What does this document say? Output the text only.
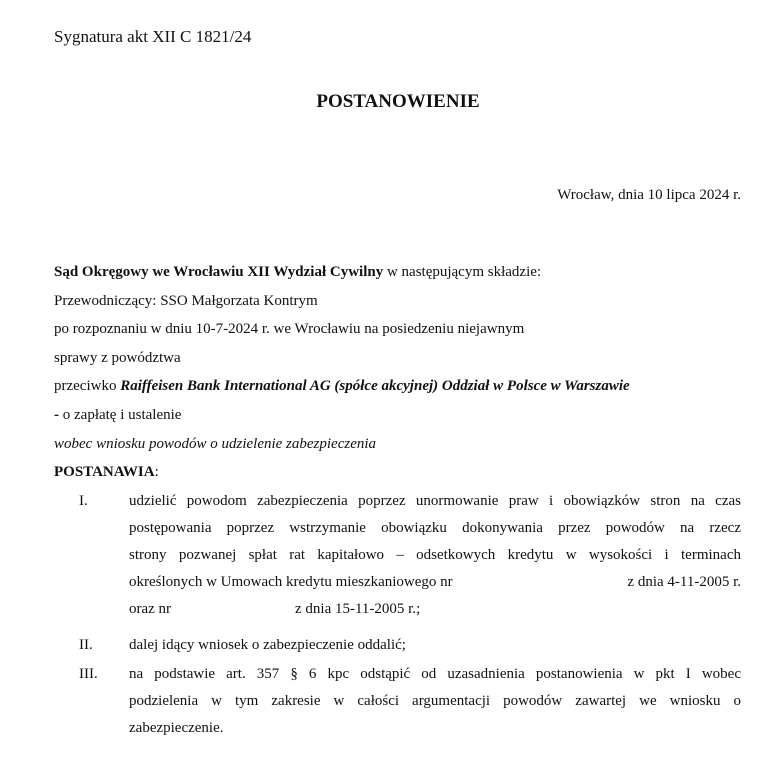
Sygnatura akt XII C 1821/24
POSTANOWIENIE
Wrocław, dnia 10 lipca 2024 r.
Sąd Okręgowy we Wrocławiu XII Wydział Cywilny w następującym składzie:
Przewodniczący: SSO Małgorzata Kontrym
po rozpoznaniu w dniu 10-7-2024 r. we Wrocławiu na posiedzeniu niejawnym
sprawy z powództwa
przeciwko Raiffeisen Bank International AG (spółce akcyjnej) Oddział w Polsce w Warszawie
- o zapłatę i ustalenie
wobec wniosku powodów o udzielenie zabezpieczenia
POSTANAWIA:
I.	udzielić powodom zabezpieczenia poprzez unormowanie praw i obowiązków stron na czas
postępowania poprzez wstrzymanie obowiązku dokonywania przez powodów na rzecz
strony pozwanej spłat rat kapitałowo – odsetkowych kredytu w wysokości i terminach
określonych w Umowach kredytu mieszkaniowego nr	z dnia 4-11-2005 r.
oraz nr	z dnia 15-11-2005 r.;
II. dalej idący wniosek o zabezpieczenie oddalić;
III. na podstawie art. 357 § 6 kpc odstąpić od uzasadnienia postanowienia w pkt I wobec
podzielenia w tym zakresie w całości argumentacji powodów zawartej we wniosku o
zabezpieczenie.
